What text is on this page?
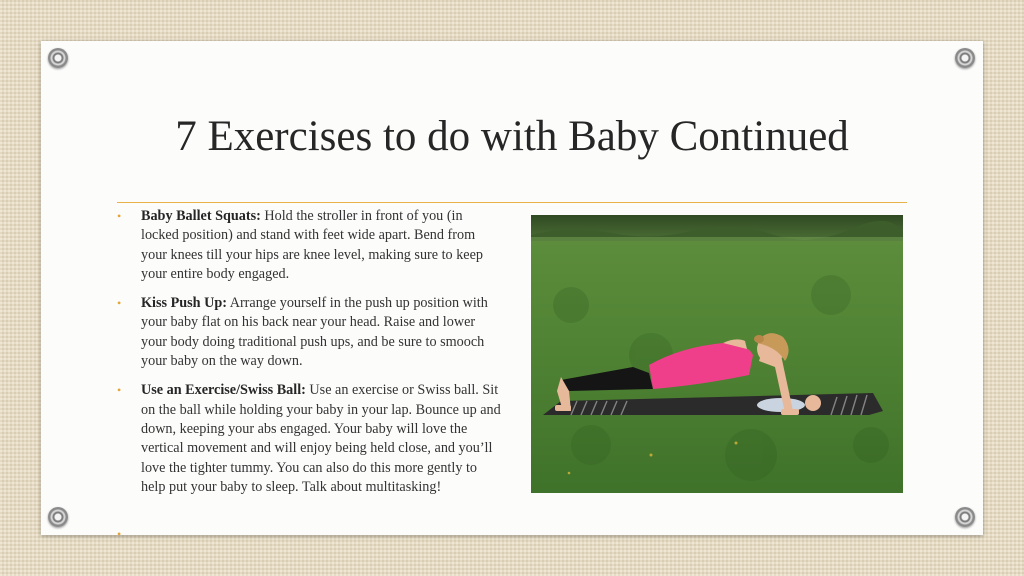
7 Exercises to do with Baby Continued
• Baby Ballet Squats: Hold the stroller in front of you (in locked position) and stand with feet wide apart. Bend from your knees till your hips are knee level, making sure to keep your entire body engaged.
• Kiss Push Up: Arrange yourself in the push up position with your baby flat on his back near your head. Raise and lower your body doing traditional push ups, and be sure to smooch your baby on the way down.
• Use an Exercise/Swiss Ball: Use an exercise or Swiss ball. Sit on the ball while holding your baby in your lap. Bounce up and down, keeping your abs engaged. Your baby will love the vertical movement and will enjoy being held close, and you’ll love the tighter tummy. You can also do this more gently to help put your baby to sleep. Talk about multitasking!
•
